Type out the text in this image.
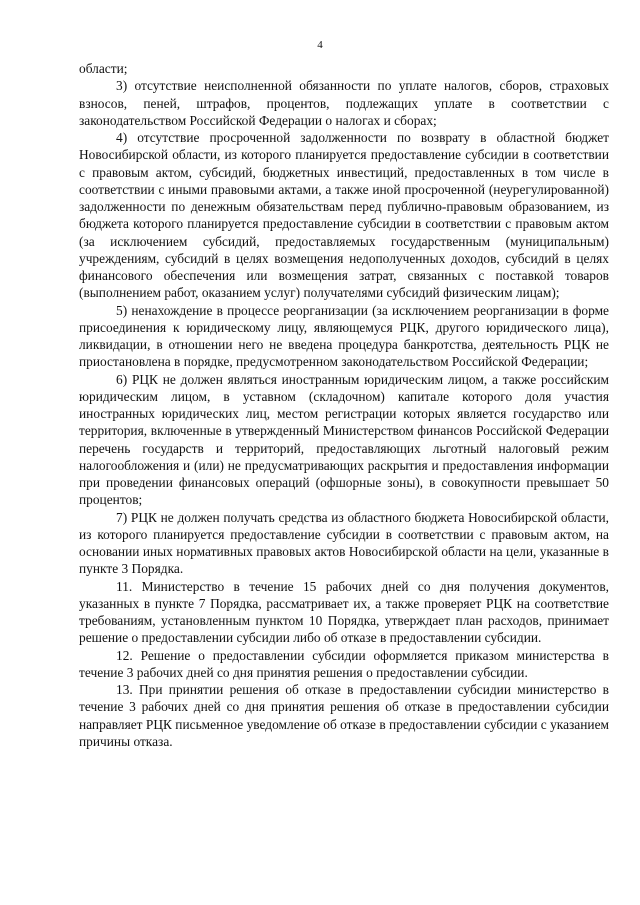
4

области;

3) отсутствие неисполненной обязанности по уплате налогов, сборов, страховых взносов, пеней, штрафов, процентов, подлежащих уплате в соответствии с законодательством Российской Федерации о налогах и сборах;

4) отсутствие просроченной задолженности по возврату в областной бюджет Новосибирской области, из которого планируется предоставление субсидии в соответствии с правовым актом, субсидий, бюджетных инвестиций, предоставленных в том числе в соответствии с иными правовыми актами, а также иной просроченной (неурегулированной) задолженности по денежным обязательствам перед публично-правовым образованием, из бюджета которого планируется предоставление субсидии в соответствии с правовым актом (за исключением субсидий, предоставляемых государственным (муниципальным) учреждениям, субсидий в целях возмещения недополученных доходов, субсидий в целях финансового обеспечения или возмещения затрат, связанных с поставкой товаров (выполнением работ, оказанием услуг) получателями субсидий физическим лицам);

5) ненахождение в процессе реорганизации (за исключением реорганизации в форме присоединения к юридическому лицу, являющемуся РЦК, другого юридического лица), ликвидации, в отношении него не введена процедура банкротства, деятельность РЦК не приостановлена в порядке, предусмотренном законодательством Российской Федерации;

6) РЦК не должен являться иностранным юридическим лицом, а также российским юридическим лицом, в уставном (складочном) капитале которого доля участия иностранных юридических лиц, местом регистрации которых является государство или территория, включенные в утвержденный Министерством финансов Российской Федерации перечень государств и территорий, предоставляющих льготный налоговый режим налогообложения и (или) не предусматривающих раскрытия и предоставления информации при проведении финансовых операций (офшорные зоны), в совокупности превышает 50 процентов;

7) РЦК не должен получать средства из областного бюджета Новосибирской области, из которого планируется предоставление субсидии в соответствии с правовым актом, на основании иных нормативных правовых актов Новосибирской области на цели, указанные в пункте 3 Порядка.

11. Министерство в течение 15 рабочих дней со дня получения документов, указанных в пункте 7 Порядка, рассматривает их, а также проверяет РЦК на соответствие требованиям, установленным пунктом 10 Порядка, утверждает план расходов, принимает решение о предоставлении субсидии либо об отказе в предоставлении субсидии.

12. Решение о предоставлении субсидии оформляется приказом министерства в течение 3 рабочих дней со дня принятия решения о предоставлении субсидии.

13. При принятии решения об отказе в предоставлении субсидии министерство в течение 3 рабочих дней со дня принятия решения об отказе в предоставлении субсидии направляет РЦК письменное уведомление об отказе в предоставлении субсидии с указанием причины отказа.
